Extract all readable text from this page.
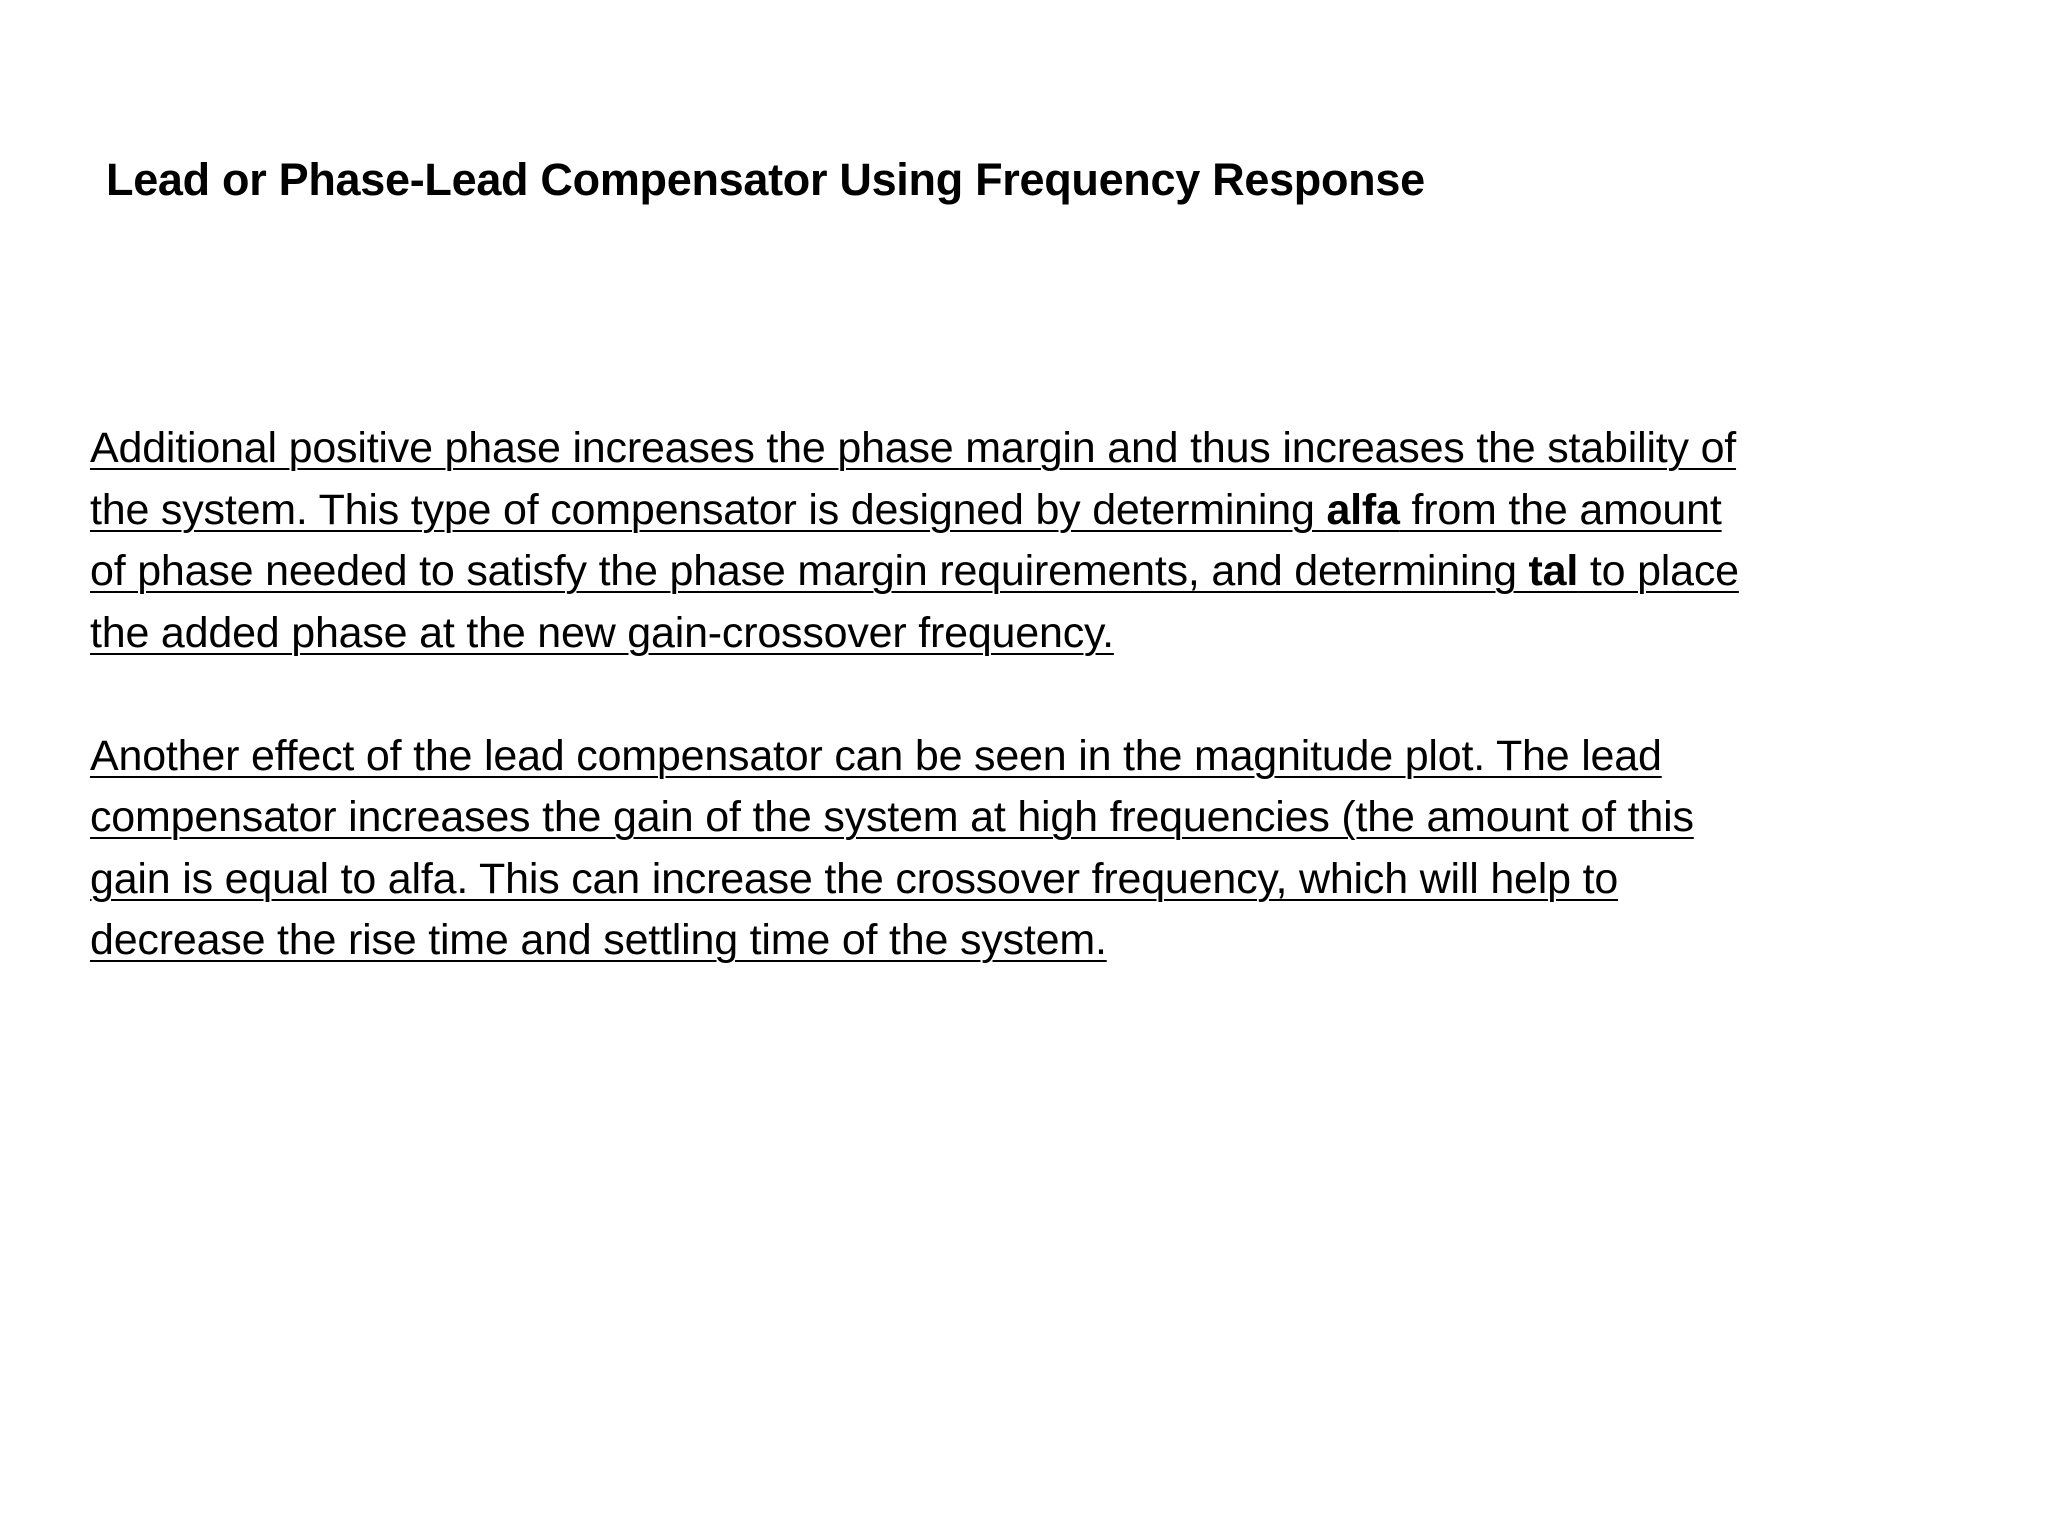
Lead or Phase-Lead Compensator Using Frequency Response

Additional positive phase increases the phase margin and thus increases the stability of
the system. This type of compensator is designed by determining alfa from the amount
of phase needed to satisfy the phase margin requirements, and determining tal to place
the added phase at the new gain-crossover frequency.

Another effect of the lead compensator can be seen in the magnitude plot. The lead
compensator increases the gain of the system at high frequencies (the amount of this
gain is equal to alfa. This can increase the crossover frequency, which will help to
decrease the rise time and settling time of the system.
